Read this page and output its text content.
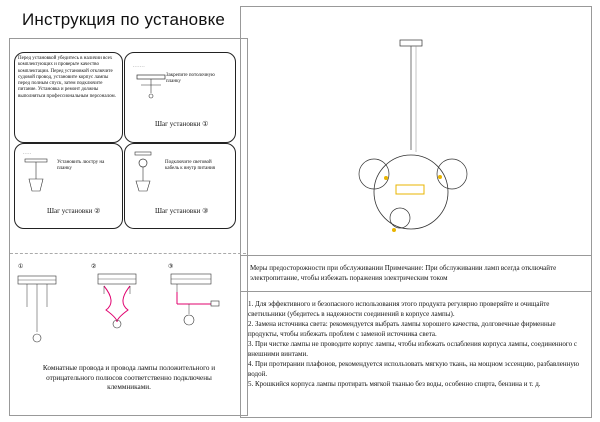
Инструкция по установке
Перед установкой убедитесь в наличии всех комплектующих и проверьте качество комплектации. Перед установкой отключите судовой провод, установите корпус лампы перед полным спуск, затем подключите питание. Установка и ремонт должны выполняться профессиональным персоналом.
- - - - - - -
Закрепите потолочную планку
Шаг установки ①
- - - - -
Установить люстру на планку
Шаг установки ②
Подключите световой кабель к внутр питания
Шаг установки ③
①	②	③
Комнатные провода и провода лампы положительного и отрицательного полюсов соответственно подключены клеммниками.
Меры предосторожности при обслуживании Примечание: При обслуживании ламп всегда отключайте электропитание, чтобы избежать поражения электрическим током
1. Для эффективного и безопасного использования этого продукта регулярно проверяйте и очищайте светильники (убедитесь в надежности соединений в корпусе лампы).
2. Замена источника света: рекомендуется выбрать лампы хорошего качества, долговечные фирменные продукты, чтобы избежать проблем с заменой источника света.
3. При чистке лампы не проводите корпус лампы, чтобы избежать ослабления корпуса лампы, соединенного с внешними винтами.
4. При протирании плафонов, рекомендуется использовать мягкую ткань, на мощном эссенцию, разбавленную водой.
5. Крошкийся корпуса лампы протирать мягкой тканью без воды, особенно спирта, бензина и т. д.
